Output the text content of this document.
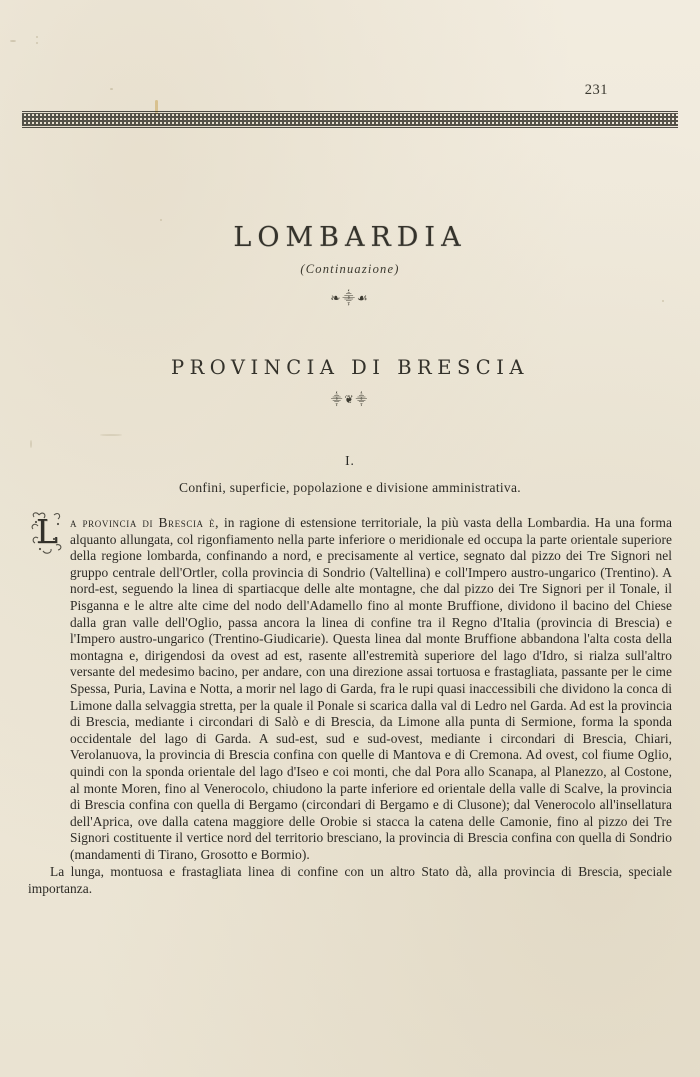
231
LOMBARDIA
(Continuazione)
❧⸎☙
PROVINCIA DI BRESCIA
⸎❦⸎
I.
Confini, superficie, popolazione e divisione amministrativa.

L a provincia di Brescia è, in ragione di estensione territoriale, la più vasta della Lombardia. Ha una forma alquanto allungata, col rigonfiamento nella parte inferiore o meridionale ed occupa la parte orientale superiore della regione lombarda, confinando a nord, e precisamente al vertice, segnato dal pizzo dei Tre Signori nel gruppo centrale dell'Ortler, colla provincia di Sondrio (Valtellina) e coll'Impero austro-ungarico (Trentino). A nord-est, seguendo la linea di spartiacque delle alte montagne, che dal pizzo dei Tre Signori per il Tonale, il Pisganna e le altre alte cime del nodo dell'Adamello fino al monte Bruffione, dividono il bacino del Chiese dalla gran valle dell'Oglio, passa ancora la linea di confine tra il Regno d'Italia (provincia di Brescia) e l'Impero austro-ungarico (Trentino-Giudicarie). Questa linea dal monte Bruffione abbandona l'alta costa della montagna e, dirigendosi da ovest ad est, rasente all'estremità superiore del lago d'Idro, si rialza sull'altro versante del medesimo bacino, per andare, con una direzione assai tortuosa e frastagliata, passante per le cime Spessa, Puria, Lavina e Notta, a morir nel lago di Garda, fra le rupi quasi inaccessibili che dividono la conca di Limone dalla selvaggia stretta, per la quale il Ponale si scarica dalla val di Ledro nel Garda. Ad est la provincia di Brescia, mediante i circondari di Salò e di Brescia, da Limone alla punta di Sermione, forma la sponda occidentale del lago di Garda. A sud-est, sud e sud-ovest, mediante i circondari di Brescia, Chiari, Verolanuova, la provincia di Brescia confina con quelle di Mantova e di Cremona. Ad ovest, col fiume Oglio, quindi con la sponda orientale del lago d'Iseo e coi monti, che dal Pora allo Scanapa, al Planezzo, al Costone, al monte Moren, fino al Venerocolo, chiudono la parte inferiore ed orientale della valle di Scalve, la provincia di Brescia confina con quella di Bergamo (circondari di Bergamo e di Clusone); dal Venerocolo all'insellatura dell'Aprica, ove dalla catena maggiore delle Orobie si stacca la catena delle Camonie, fino al pizzo dei Tre Signori costituente il vertice nord del territorio bresciano, la provincia di Brescia confina con quella di Sondrio (mandamenti di Tirano, Grosotto e Bormio).

La lunga, montuosa e frastagliata linea di confine con un altro Stato dà, alla provincia di Brescia, speciale importanza.
